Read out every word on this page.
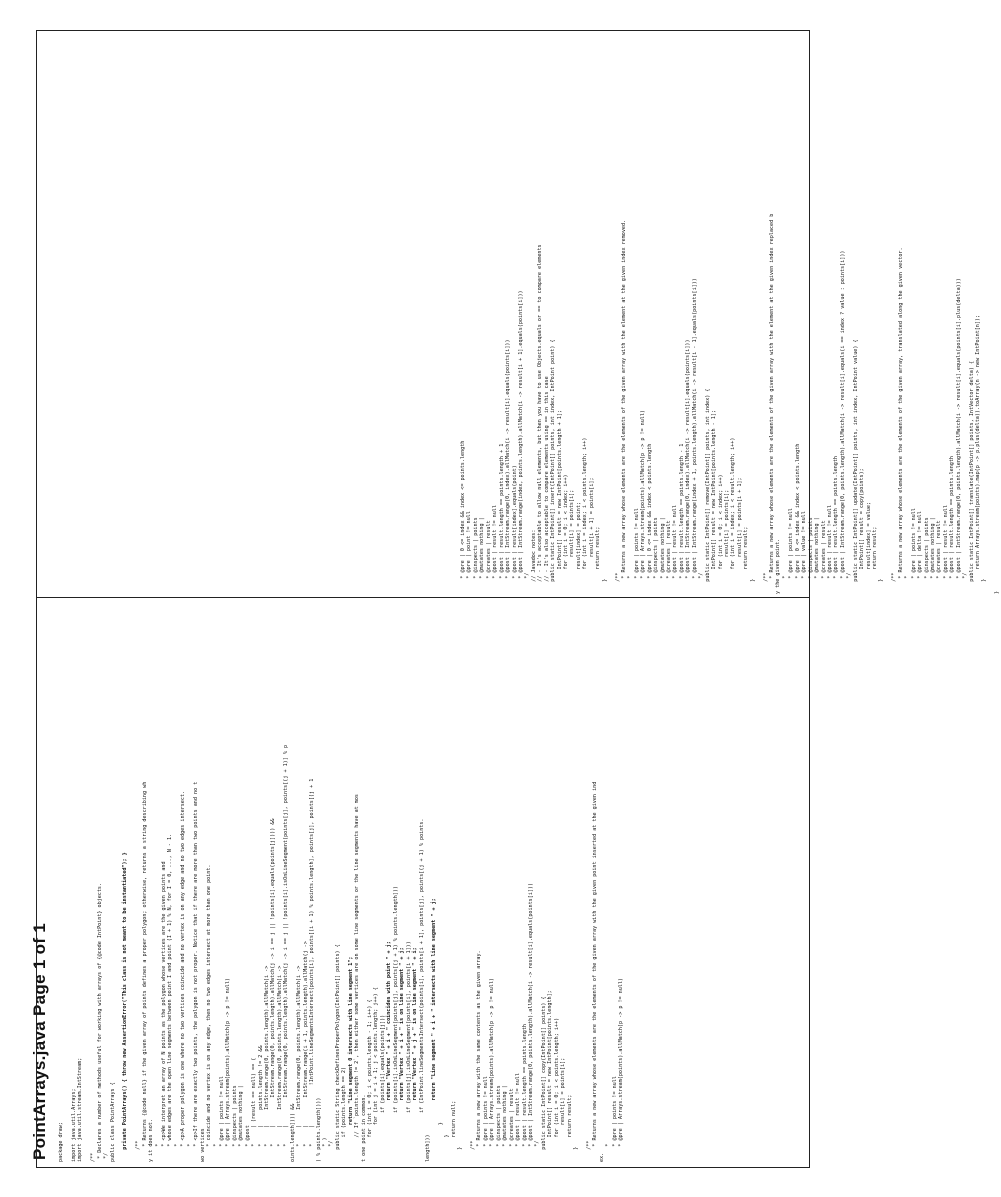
PointArrays.java Page 1 of 1	package draw; import java.util.Arrays; import java.util.stream.IntStream; /** * Declares a number of methods useful for working with arrays of {@code IntPoint} objects. */ public class PointArrays { private PointArrays() { throw new AssertionError("This class is not meant to be instantiated"); } /** * Returns {@code null} if the given array of points defines a proper polygon; otherwise, returns a string describing wh y it does not. * * <p>We interpret an array of N points as the polygon whose vertices are the given points and * whose edges are the open line segments between point I and point (I + 1) % N, for I = 0, ..., N - 1. * * <p>A proper polygon is one where no two vertices coincide and no vertex is on any edge and no two edges intersect. * * <p>If there are exactly two points, the polygon is not proper. Notice that if there are more than two points and no t wo vertices * coincide and no vertex is on any edge, then no two edges intersect at more than one point. * * @pre | points != null * @pre | Arrays.stream(points).allMatch(p -> p != null) * @inspects | points * @mutates nothing | * @post *     | (result == null) == ( *     |     points.length != 2 && *     |     IntStream.range(0, points.length).allMatch(i -> *     |         IntStream.range(0, points.length).allMatch(j -> i == j || !points[i].equals(points[j]))) && *     |     IntStream.range(0, points.length).allMatch(i -> *     |         IntStream.range(0, points.length).allMatch(j -> i == j || !points[i].isOnLineSegment(points[j], points[(j + 1)] % p oints.length]))) && *     |     IntStream.range(0, points.length).allMatch(i -> *     |         IntStream.range(i + 1, points.length).allMatch(j -> *     |             !IntPoint.lineSegmentsIntersect(points[i], points[(i + 1) % points.length], points[j], points[(j + 1 ) % points.length]))) * ) */ public static String checkDefinesProperPolygon(IntPoint[] points) { if (points.length == 2) return "Line segment 0 intersects with line segment 1"; // If `points.length != 2`, then either some vertices are on some line segments or the line segments have at mos t one point in common. for (int i = 0; i < points.length - 1; i++) { for (int j = i + 1; j < points.length; j++) { if (points[i].equals(points[j])) return "Vertex " + i + " coincides with point " + j; if (points[i].isOnLineSegment(points[j], points[(j + 1) % points.length])) return "Vertex " + i + " is on line segment " + j; if (points[j].isOnLineSegment(points[i], points[i + 1])) return "Vertex " + j + " is on line segment " + i; if (IntPoint.lineSegmentsIntersect(points[i], points[i + 1], points[j], points[(j + 1) % points. length])) return "Line segment " + i + " intersects with line segment " + j; } } return null; } /** * Returns a new array with the same contents as the given array. * @pre | points != null * @pre | Arrays.stream(points).allMatch(p -> p != null) * @inspects | points * @mutates nothing | * @creates | result * @post | result != null * @post | result.length == points.length * @post | IntStream.range(0, points.length).allMatch(i -> result[i].equals(points[i])) */ public static IntPoint[] copy(IntPoint[] points) { IntPoint[] result = new IntPoint[points.length]; for (int i = 0; i < points.length; i++) result[i] = points[i]; return result; } /** * Returns a new array whose elements are the elements of the given array with the given point inserted at the given ind ex. * * @pre | points != null * @pre | Arrays.stream(points).allMatch(p -> p != null)
* @pre | 0 <= index && index <= points.length * @pre | point != null * @inspects | points * @mutates nothing | * @creates | result * @post | result != null * @post | result.length == points.length + 1 * @post | IntStream.range(0, index).allMatch(i -> result[i].equals(points[i])) * @post | result[index].equals(point) * @post | IntStream.range(index, points.length).allMatch(i -> result[i + 1].equals(points[i])) */ // Javadoc notes: // - It's acceptable to allow null elements, but then you have to use Objects.equals or == to compare elements // - It's also acceptable to compare elements using == in this case public static IntPoint[] insert(IntPoint[] points, int index, IntPoint point) { IntPoint[] result = new IntPoint[points.length + 1]; for (int i = 0; i < index; i++) result[i] = points[i]; result[index] = point; for (int i = index; i < points.length; i++) result[i + 1] = points[i]; return result; } /** * Returns a new array whose elements are the elements of the given array with the element at the given index removed. * * @pre | points != null * @pre | Arrays.stream(points).allMatch(p -> p != null) * @pre | 0 <= index && index < points.length * @inspects | points * @mutates nothing | * @creates | result * @post | result != null * @post | result.length == points.length - 1 * @post | IntStream.range(0, index).allMatch(i -> result[i].equals(points[i])) * @post | IntStream.range(index + 1, points.length).allMatch(i -> result[i - 1].equals(points[i])) */ public static IntPoint[] remove(IntPoint[] points, int index) { IntPoint[] result = new IntPoint[points.length - 1]; for (int i = 0; i < index; i++) result[i] = points[i]; for (int i = index; i < result.length; i++) result[i] = points[i + 1]; return result; } /** * Returns a new array whose elements are the elements of the given array with the element at the given index replaced b y the given point. * * @pre | points != null * @pre | 0 <= index && index < points.length * @pre | value != null * @inspects | points * @mutates nothing | * @creates | result * @post | result != null * @post | result.length == points.length * @post | IntStream.range(0, points.length).allMatch(i -> result[i].equals(i == index ? value : points[i])) */ public static IntPoint[] update(IntPoint[] points, int index, IntPoint value) { IntPoint[] result = copy(points); result[index] = value; return result; } /** * Returns a new array whose elements are the elements of the given array, translated along the given vector. * * @pre | points != null * @pre | delta != null * @inspects | points * @mutates nothing | * @creates | result * @post | result != null * @post | result.length == points.length * @post | IntStream.range(0, points.length).allMatch(i -> result[i].equals(points[i].plus(delta))) */ public static IntPoint[] translate(IntPoint[] points, IntVector delta) { return Arrays.stream(points).map(p -> p.plus(delta)).toArray(n -> new IntPoint[n]); } }
